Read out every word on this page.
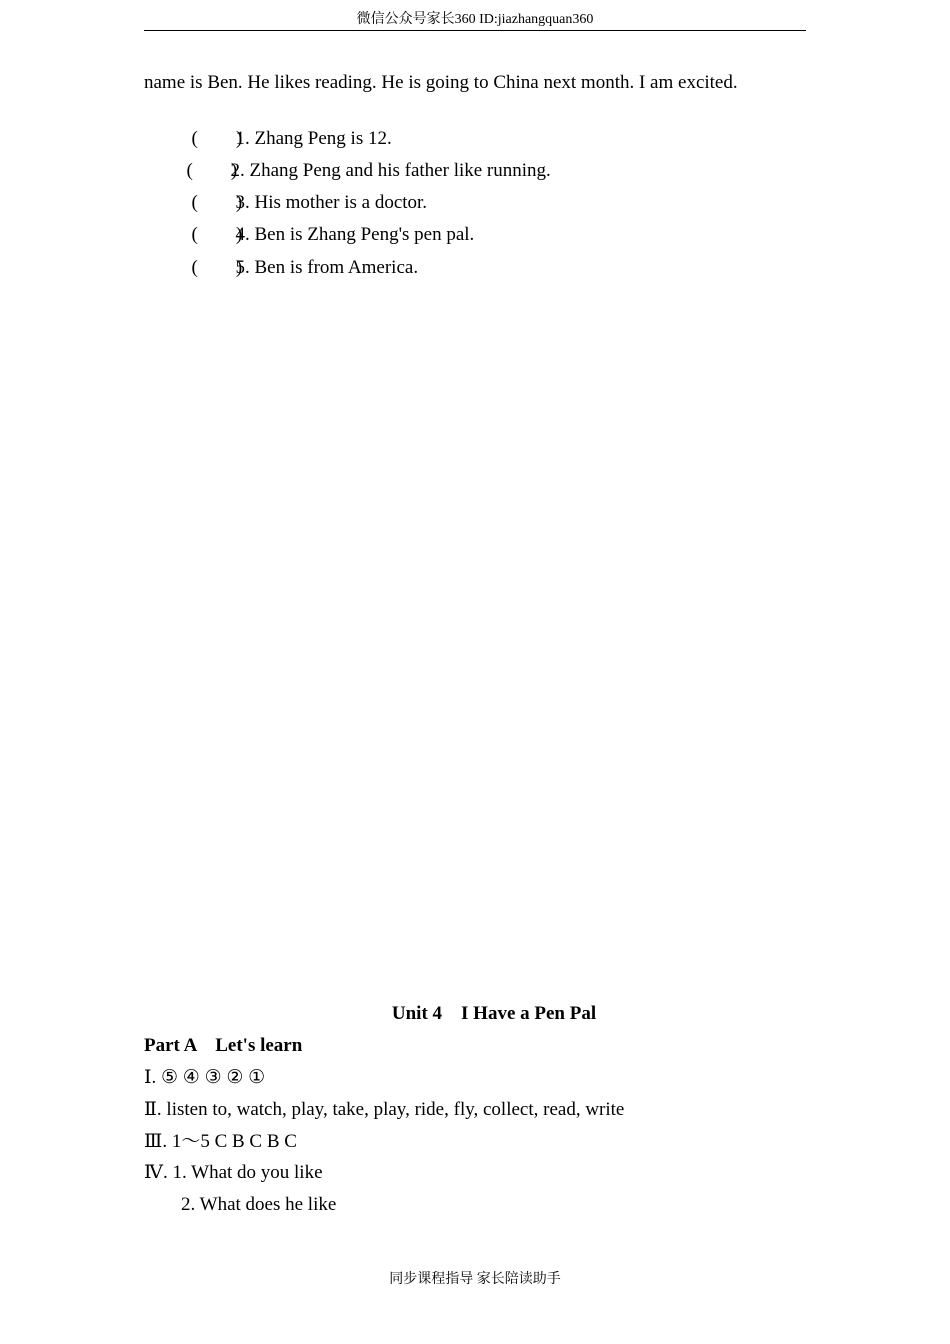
微信公众号家长360 ID:jiazhangquan360
name is Ben. He likes reading. He is going to China next month. I am excited.

(        )1. Zhang Peng is 12.

(        )2. Zhang Peng and his father like running.

(        )3. His mother is a doctor.

(        )4. Ben is Zhang Peng's pen pal.

(        )5. Ben is from America.

Unit 4    I Have a Pen Pal
Part A    Let's learn
Ⅰ. ⑤ ④ ③ ② ①
Ⅱ. listen to, watch, play, take, play, ride, fly, collect, read, write
Ⅲ. 1～5 C B C B C
Ⅳ. 1. What do you like
2. What does he like
同步课程指导 家长陪读助手
